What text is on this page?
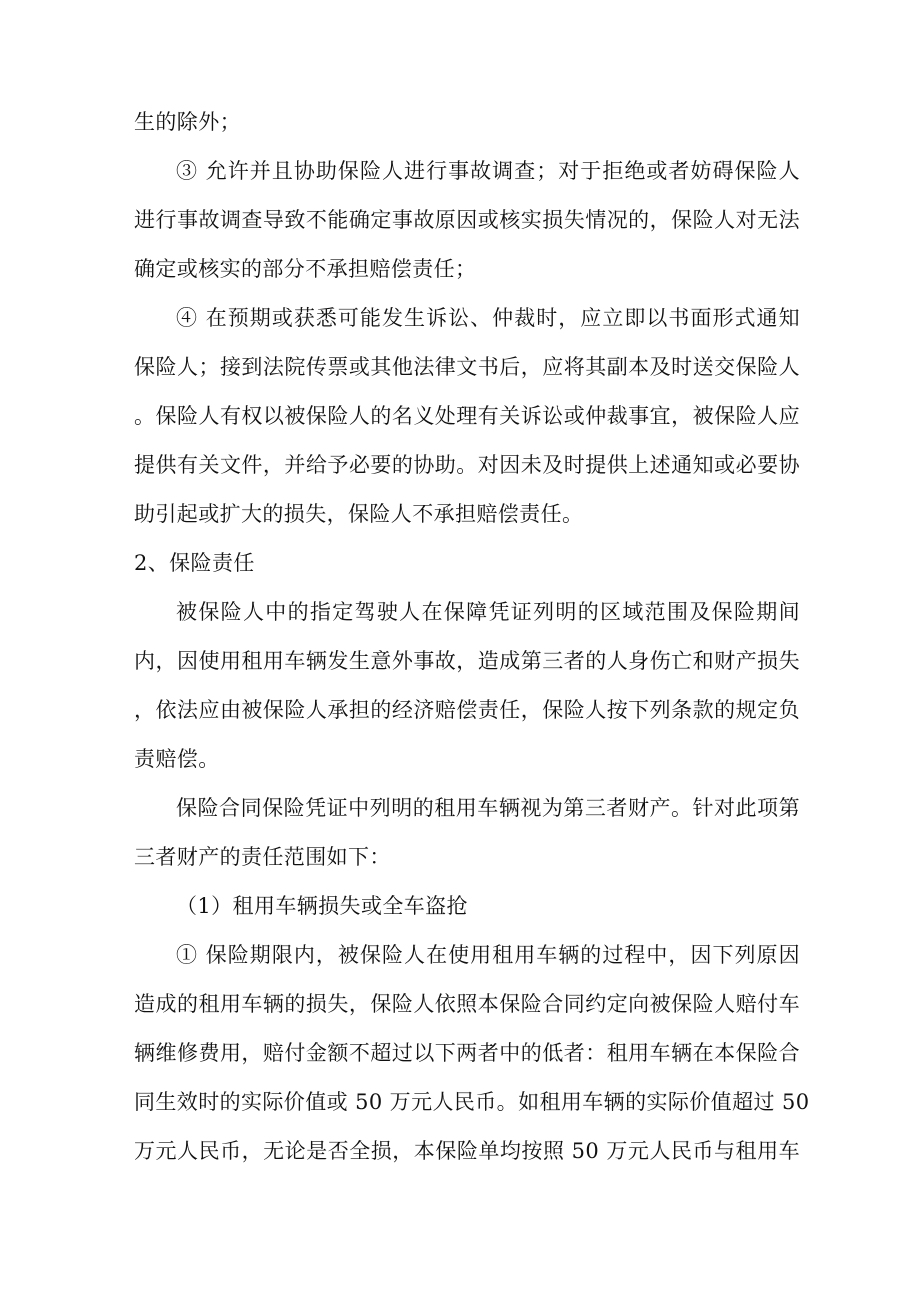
生的除外；
③ 允许并且协助保险人进行事故调查；对于拒绝或者妨碍保险人
进行事故调查导致不能确定事故原因或核实损失情况的，保险人对无法
确定或核实的部分不承担赔偿责任；
④ 在预期或获悉可能发生诉讼、仲裁时，应立即以书面形式通知
保险人；接到法院传票或其他法律文书后，应将其副本及时送交保险人
。保险人有权以被保险人的名义处理有关诉讼或仲裁事宜，被保险人应
提供有关文件，并给予必要的协助。对因未及时提供上述通知或必要协
助引起或扩大的损失，保险人不承担赔偿责任。
2、保险责任
被保险人中的指定驾驶人在保障凭证列明的区域范围及保险期间
内，因使用租用车辆发生意外事故，造成第三者的人身伤亡和财产损失
，依法应由被保险人承担的经济赔偿责任，保险人按下列条款的规定负
责赔偿。
保险合同保险凭证中列明的租用车辆视为第三者财产。针对此项第
三者财产的责任范围如下：
（1）租用车辆损失或全车盗抢
① 保险期限内，被保险人在使用租用车辆的过程中，因下列原因
造成的租用车辆的损失，保险人依照本保险合同约定向被保险人赔付车
辆维修费用，赔付金额不超过以下两者中的低者：租用车辆在本保险合
同生效时的实际价值或 50 万元人民币。如租用车辆的实际价值超过 50
万元人民币，无论是否全损，本保险单均按照 50 万元人民币与租用车
